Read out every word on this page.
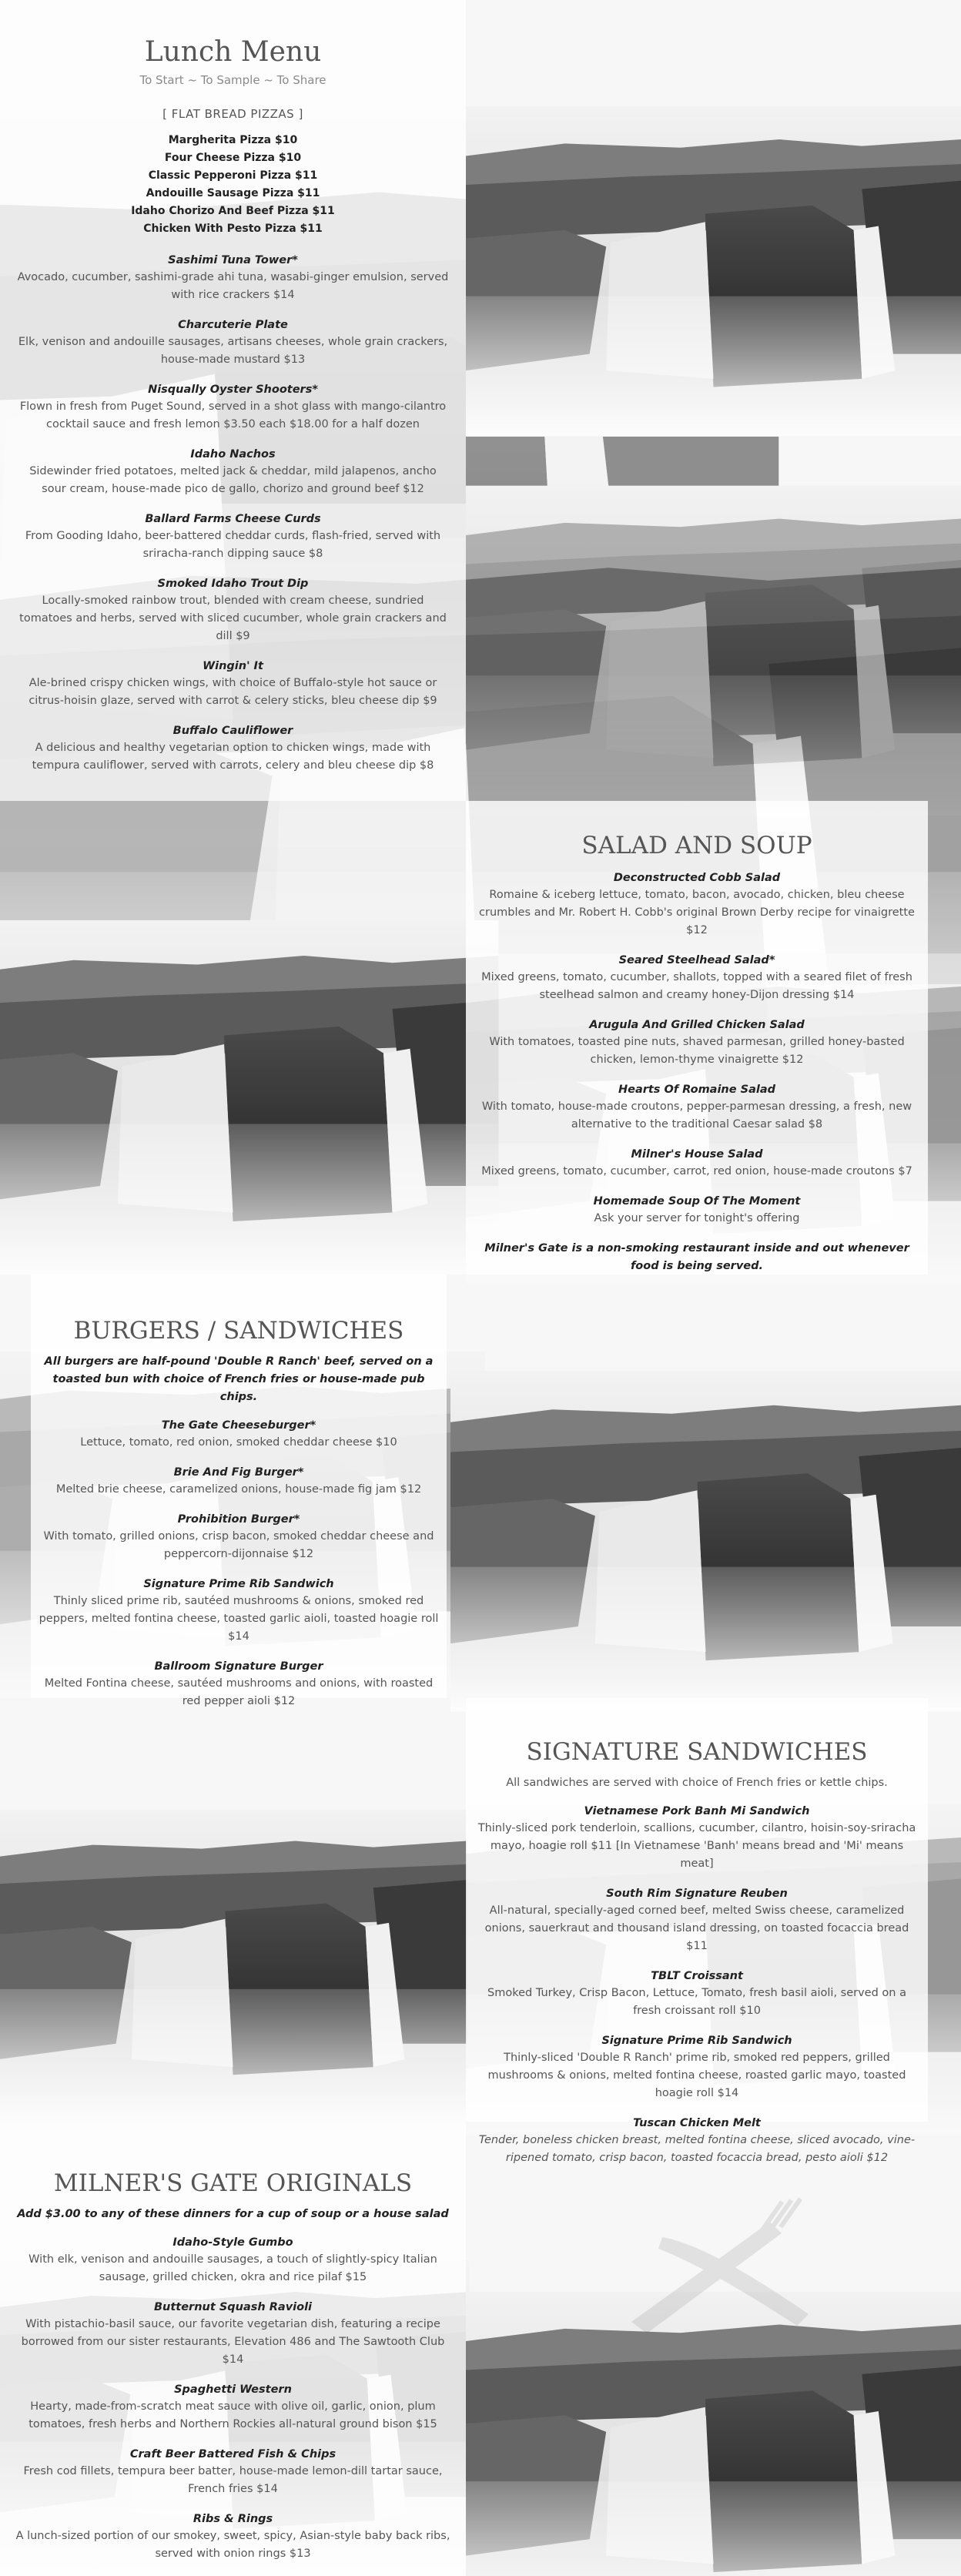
Lunch Menu

To Start ~ To Sample ~ To Share

[ FLAT BREAD PIZZAS ]

Margherita Pizza $10

Four Cheese Pizza $10

Classic Pepperoni Pizza $11

Andouille Sausage Pizza $11

Idaho Chorizo And Beef Pizza $11

Chicken With Pesto Pizza $11

Sashimi Tuna Tower*

Avocado, cucumber, sashimi-grade ahi tuna, wasabi-ginger emulsion, served with rice crackers $14

Charcuterie Plate

Elk, venison and andouille sausages, artisans cheeses, whole grain crackers, house-made mustard $13

Nisqually Oyster Shooters*

Flown in fresh from Puget Sound, served in a shot glass with mango-cilantro cocktail sauce and fresh lemon $3.50 each $18.00 for a half dozen

Idaho Nachos

Sidewinder fried potatoes, melted jack & cheddar, mild jalapenos, ancho sour cream, house-made pico de gallo, chorizo and ground beef $12

Ballard Farms Cheese Curds

From Gooding Idaho, beer-battered cheddar curds, flash-fried, served with sriracha-ranch dipping sauce $8

Smoked Idaho Trout Dip

Locally-smoked rainbow trout, blended with cream cheese, sundried tomatoes and herbs, served with sliced cucumber, whole grain crackers and dill $9

Wingin' It

Ale-brined crispy chicken wings, with choice of Buffalo-style hot sauce or citrus-hoisin glaze, served with carrot & celery sticks, bleu cheese dip $9

Buffalo Cauliflower

A delicious and healthy vegetarian option to chicken wings, made with tempura cauliflower, served with carrots, celery and bleu cheese dip $8

SALAD AND SOUP

Deconstructed Cobb Salad

Romaine & iceberg lettuce, tomato, bacon, avocado, chicken, bleu cheese crumbles and Mr. Robert H. Cobb's original Brown Derby recipe for vinaigrette $12

Seared Steelhead Salad*

Mixed greens, tomato, cucumber, shallots, topped with a seared filet of fresh steelhead salmon and creamy honey-Dijon dressing $14

Arugula And Grilled Chicken Salad

With tomatoes, toasted pine nuts, shaved parmesan, grilled honey-basted chicken, lemon-thyme vinaigrette $12

Hearts Of Romaine Salad

With tomato, house-made croutons, pepper-parmesan dressing, a fresh, new alternative to the traditional Caesar salad $8

Milner's House Salad

Mixed greens, tomato, cucumber, carrot, red onion, house-made croutons $7

Homemade Soup Of The Moment

Ask your server for tonight's offering

Milner's Gate is a non-smoking restaurant inside and out whenever food is being served.

BURGERS / SANDWICHES

All burgers are half-pound 'Double R Ranch' beef, served on a toasted bun with choice of French fries or house-made pub chips.

The Gate Cheeseburger*

Lettuce, tomato, red onion, smoked cheddar cheese $10

Brie And Fig Burger*

Melted brie cheese, caramelized onions, house-made fig jam $12

Prohibition Burger*

With tomato, grilled onions, crisp bacon, smoked cheddar cheese and peppercorn-dijonnaise $12

Signature Prime Rib Sandwich

Thinly sliced prime rib, sautéed mushrooms & onions, smoked red peppers, melted fontina cheese, toasted garlic aioli, toasted hoagie roll $14

Ballroom Signature Burger

Melted Fontina cheese, sautéed mushrooms and onions, with roasted red pepper aioli $12

SIGNATURE SANDWICHES

All sandwiches are served with choice of French fries or kettle chips.

Vietnamese Pork Banh Mi Sandwich

Thinly-sliced pork tenderloin, scallions, cucumber, cilantro, hoisin-soy-sriracha mayo, hoagie roll $11 [In Vietnamese 'Banh' means bread and 'Mi' means meat]

South Rim Signature Reuben

All-natural, specially-aged corned beef, melted Swiss cheese, caramelized onions, sauerkraut and thousand island dressing, on toasted focaccia bread $11

TBLT Croissant

Smoked Turkey, Crisp Bacon, Lettuce, Tomato, fresh basil aioli, served on a fresh croissant roll $10

Signature Prime Rib Sandwich

Thinly-sliced 'Double R Ranch' prime rib, smoked red peppers, grilled mushrooms & onions, melted fontina cheese, roasted garlic mayo, toasted hoagie roll $14

Tuscan Chicken Melt

Tender, boneless chicken breast, melted fontina cheese, sliced avocado, vine-ripened tomato, crisp bacon, toasted focaccia bread, pesto aioli $12

MILNER'S GATE ORIGINALS

Add $3.00 to any of these dinners for a cup of soup or a house salad

Idaho-Style Gumbo

With elk, venison and andouille sausages, a touch of slightly-spicy Italian sausage, grilled chicken, okra and rice pilaf $15

Butternut Squash Ravioli

With pistachio-basil sauce, our favorite vegetarian dish, featuring a recipe borrowed from our sister restaurants, Elevation 486 and The Sawtooth Club $14

Spaghetti Western

Hearty, made-from-scratch meat sauce with olive oil, garlic, onion, plum tomatoes, fresh herbs and Northern Rockies all-natural ground bison $15

Craft Beer Battered Fish & Chips

Fresh cod fillets, tempura beer batter, house-made lemon-dill tartar sauce, French fries $14

Ribs & Rings

A lunch-sized portion of our smokey, sweet, spicy, Asian-style baby back ribs, served with onion rings $13
